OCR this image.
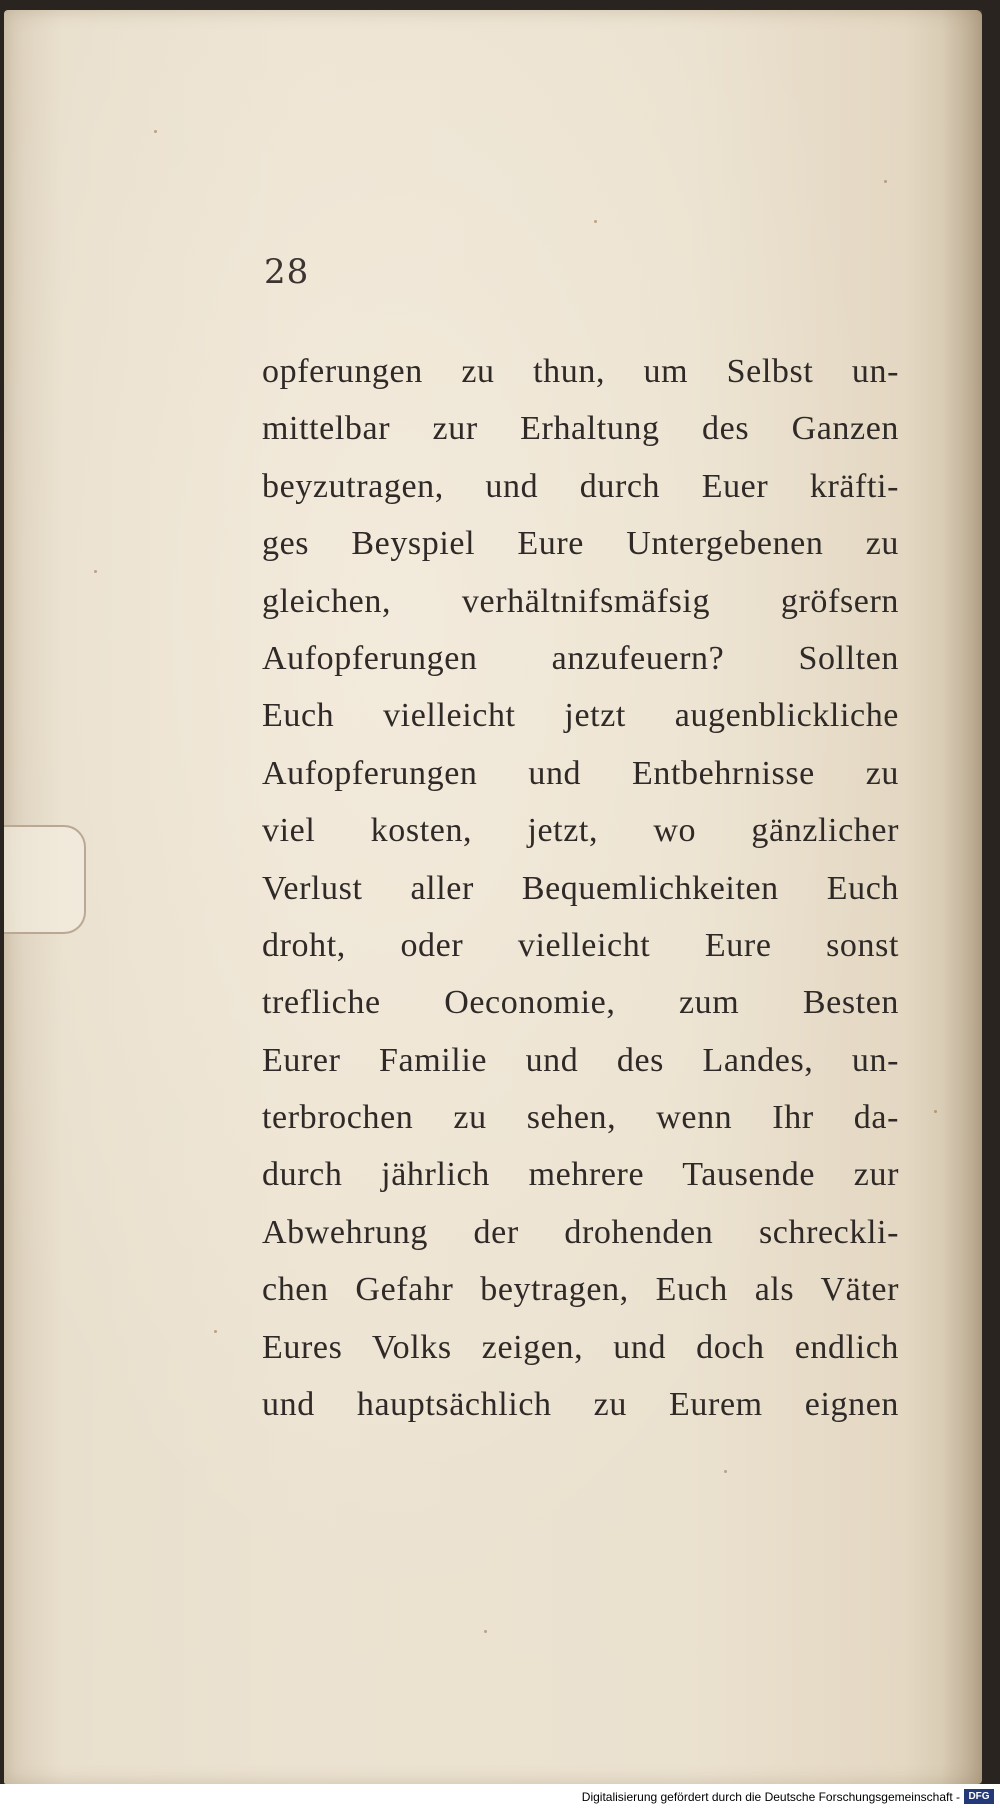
28
opferungen zu thun, um Selbst un-
mittelbar zur Erhaltung des Ganzen
beyzutragen, und durch Euer kräfti-
ges Beyspiel Eure Untergebenen zu
gleichen, verhältnifsmäfsig gröfsern
Aufopferungen anzufeuern? Sollten
Euch vielleicht jetzt augenblickliche
Aufopferungen und Entbehrnisse zu
viel kosten, jetzt, wo gänzlicher
Verlust aller Bequemlichkeiten Euch
droht, oder vielleicht Eure sonst
trefliche Oeconomie, zum Besten
Eurer Familie und des Landes, un-
terbrochen zu sehen, wenn Ihr da-
durch jährlich mehrere Tausende zur
Abwehrung der drohenden schreckli-
chen Gefahr beytragen, Euch als Väter
Eures Volks zeigen, und doch endlich
und hauptsächlich zu Eurem eignen
Digitalisierung gefördert durch die Deutsche Forschungsgemeinschaft - DFG
